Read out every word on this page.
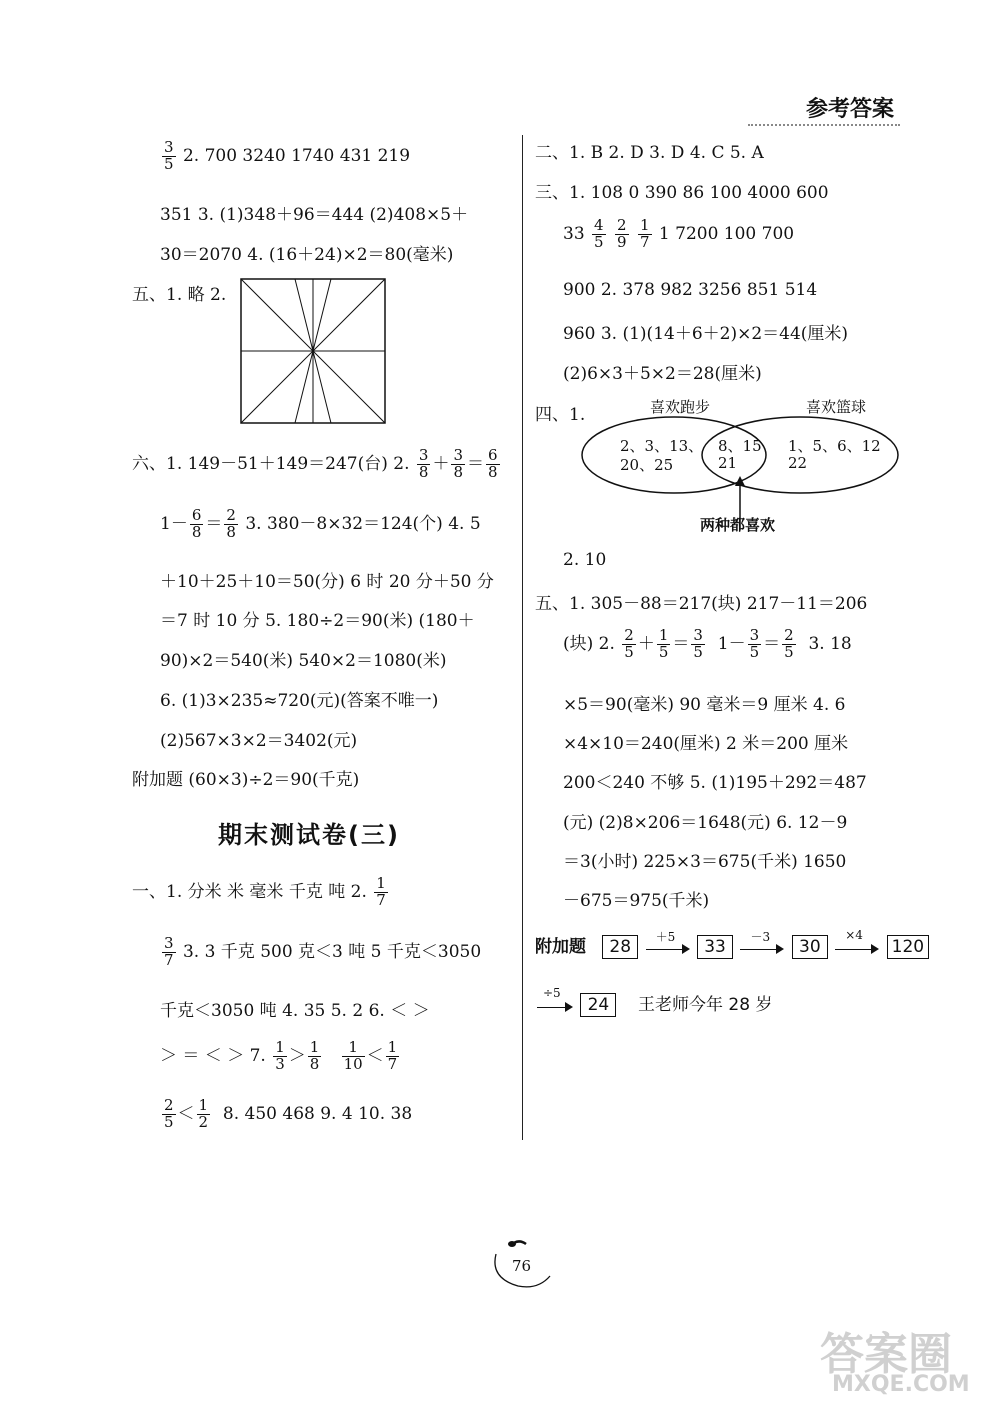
参考答案
$\frac{3}{5} 2$. 700 3240 1740 431 219
351 3. (1)348＋96＝444 (2)408×5＋
30＝2070 4. (16＋24)×2＝80(毫米)
五、1. 略 2.
六、1. 149－51＋149＝247(台) 2. $\frac{3}{8} + \frac{3}{8} = \frac{6}{8}$
$1- \frac{6}{8} = \frac{2}{8} 3$. 380－8×32＝124(个) 4. 5
＋10＋25＋10＝50(分) 6 时 20 分＋50 分
＝7 时 10 分 5. 180÷2＝90(米) (180＋
90)×2＝540(米) 540×2＝1080(米)
6. (1)3×235≈720(元)(答案不唯一)
(2)567×3×2＝3402(元)
附加题 (60×3)÷2＝90(千克)
期末测试卷(三)
一、1. 分米 米 毫米 千克 吨 2. $\frac{1}{7}$
$\frac{3}{7} 3$. 3 千克 500 克＜3 吨 5 千克＜3050
千克＜3050 吨 4. 35 5. 2 6. ＜ ＞
＞ ＝ ＜ ＞ 7. $\frac{1}{3} > \frac{1}{8}$
$\frac{1}{10} < \frac{1}{7}$
$\frac{2}{5} < \frac{1}{2} 8$. 450 468 9. 4 10. 38
二、1. B 2. D 3. D 4. C 5. A
三、1. 108 0 390 86 100 4000 600
$33 \frac{4}{5}$
$\frac{2}{9}$
$\frac{1}{7} 1$ 7200 100 700
900 2. 378 982 3256 851 514
960 3. (1)(14＋6＋2)×2＝44(厘米)
(2)6×3＋5×2＝28(厘米)
四、1.	喜欢跑步	喜欢篮球
2、3、13、
20、25
8、15
21
1、5、6、12
22
两种都喜欢
2. 10
五、1. 305－88＝217(块) 217－11＝206
(块) 2. $\frac{2}{5} + \frac{1}{5} = \frac{3}{5} 1- \frac{3}{5} = \frac{2}{5} 3$. 18
×5＝90(毫米) 90 毫米＝9 厘米 4. 6
×4×10＝240(厘米) 2 米＝200 厘米
200＜240 不够 5. (1)195＋292＝487
(元) (2)8×206＝1648(元) 6. 12－9
＝3(小时) 225×3＝675(千米) 1650
－675＝975(千米)
附加题 28
＋5
33
－3
30
×4
120
÷5
24 王老师今年 28 岁
76
答案圈
MXQE.COM
